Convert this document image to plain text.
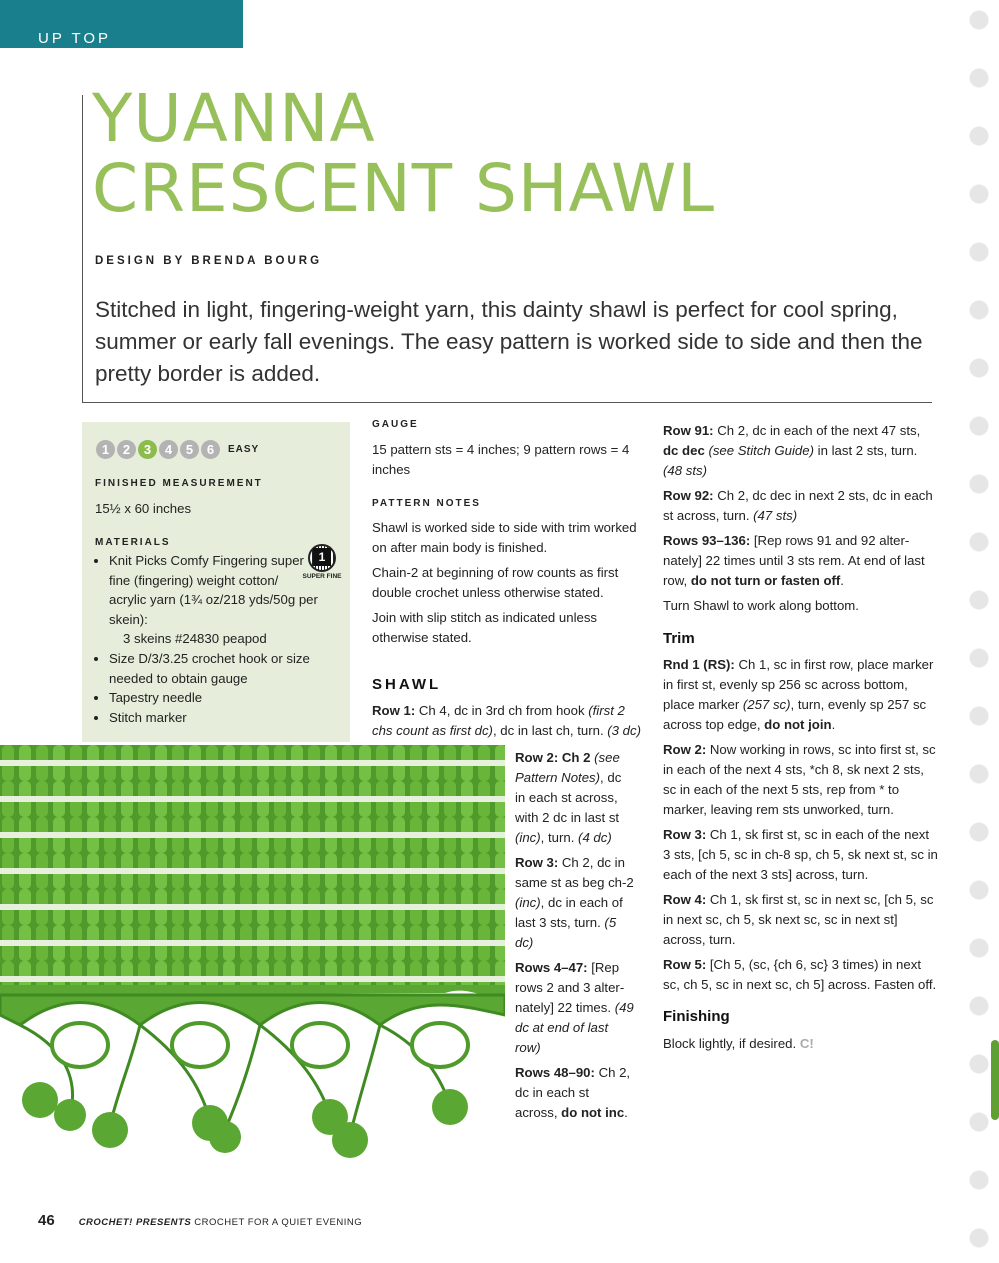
UP TOP
YUANNA
CRESCENT SHAWL
DESIGN BY BRENDA BOURG

Stitched in light, fingering-weight yarn, this dainty shawl is perfect for cool spring, summer or early fall evenings. The easy pattern is worked side to side and then the pretty border is added.

1	2	3	4	5	6	EASY
FINISHED MEASUREMENT
15½ x 60 inches
MATERIALS
• Knit Picks Comfy Fingering super fine (fingering) weight cotton/ acrylic yarn (1¾ oz/218 yds/50g per skein):
3 skeins #24830 peapod
• Size D/3/3.25 crochet hook or size needed to obtain gauge
• Tapestry needle
• Stitch marker
1
SUPER FINE
GAUGE
15 pattern sts = 4 inches; 9 pattern rows = 4 inches
PATTERN NOTES

Shawl is worked side to side with trim worked on after main body is finished.

Chain-2 at beginning of row counts as first double crochet unless otherwise stated.

Join with slip stitch as indicated unless otherwise stated.

SHAWL
Row 1: Ch 4, dc in 3rd ch from hook (first 2 chs count as first dc), dc in last ch, turn. (3 dc)

Row 2: Ch 2 (see Pattern Notes), dc in each st across, with 2 dc in last st (inc), turn. (4 dc)

Row 3: Ch 2, dc in same st as beg ch-2 (inc), dc in each of last 3 sts, turn. (5 dc)

Rows 4–47: [Rep rows 2 and 3 alter-nately] 22 times. (49 dc at end of last row)

Rows 48–90: Ch 2, dc in each st across, do not inc.

Row 91: Ch 2, dc in each of the next 47 sts, dc dec (see Stitch Guide) in last 2 sts, turn. (48 sts)

Row 92: Ch 2, dc dec in next 2 sts, dc in each st across, turn. (47 sts)

Rows 93–136: [Rep rows 91 and 92 alter-nately] 22 times until 3 sts rem. At end of last row, do not turn or fasten off.

Turn Shawl to work along bottom.

Trim

Rnd 1 (RS): Ch 1, sc in first row, place marker in first st, evenly sp 256 sc across bottom, place marker (257 sc), turn, evenly sp 257 sc across top edge, do not join.

Row 2: Now working in rows, sc into first st, sc in each of the next 4 sts, *ch 8, sk next 2 sts, sc in each of the next 5 sts, rep from * to marker, leaving rem sts unworked, turn.

Row 3: Ch 1, sk first st, sc in each of the next 3 sts, [ch 5, sc in ch-8 sp, ch 5, sk next st, sc in each of the next 3 sts] across, turn.

Row 4: Ch 1, sk first st, sc in next sc, [ch 5, sc in next sc, ch 5, sk next sc, sc in next st] across, turn.

Row 5: [Ch 5, (sc, {ch 6, sc} 3 times) in next sc, ch 5, sc in next sc, ch 5] across. Fasten off.

Finishing
Block lightly, if desired. C!
46	CROCHET! PRESENTS CROCHET FOR A QUIET EVENING
